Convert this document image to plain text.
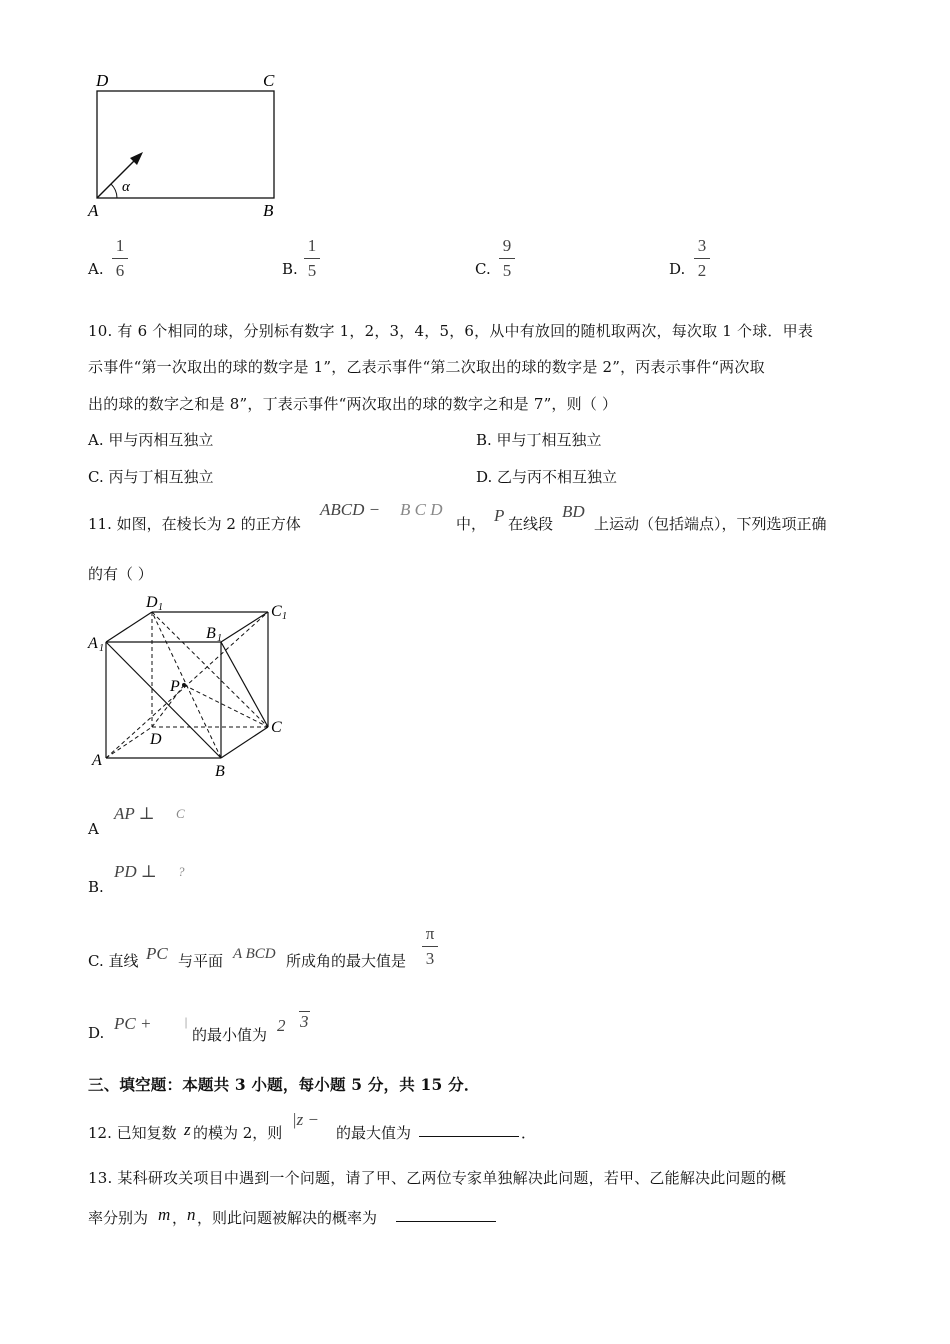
D	C
A	B
α
A.
1
6	B.
1
5	C.
9
5	D.
3
2
10. 有 6 个相同的球，分别标有数字 1，2，3，4，5，6，从中有放回的随机取两次，每次取 1 个球．甲表
示事件“第一次取出的球的数字是 1”，乙表示事件“第二次取出的球的数字是 2”，丙表示事件“两次取
出的球的数字之和是 8”，丁表示事件“两次取出的球的数字之和是 7”，则（ ）
A. 甲与丙相互独立	B. 甲与丁相互独立
C. 丙与丁相互独立	D. 乙与丙不相互独立
11. 如图，在棱长为 2 的正方体
ABCD − B C D
中， P 在线段
BD
上运动（包括端点），下列选项正确
的有（ ）
D 1	C 1
A 1
B 1
P
D
C
A
B
A
AP ⊥ C
B.
PD ⊥ ?
C. 直线 PC 与平面 A BCD 所成角的最大值是
π
3
D. PC +	|
的最小值为 2 3
三、填空题：本题共 3 小题，每小题 5 分，共 15 分．
12. 已知复数 z 的模为 2，则
|z −
的最大值为	．
13. 某科研攻关项目中遇到一个问题，请了甲、乙两位专家单独解决此问题，若甲、乙能解决此问题的概
率分别为 m ， n ，则此问题被解决的概率为
